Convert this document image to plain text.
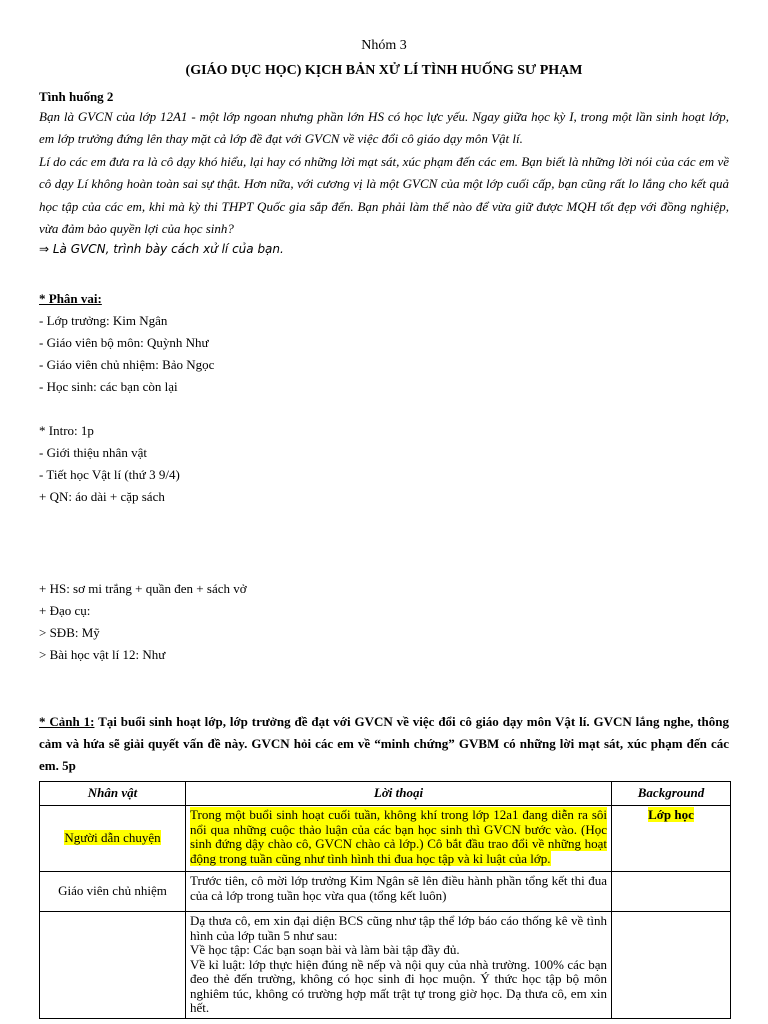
Nhóm 3
(GIÁO DỤC HỌC) KỊCH BẢN XỬ LÍ TÌNH HUỐNG SƯ PHẠM
Tình huống 2

Bạn là GVCN của lớp 12A1 - một lớp ngoan nhưng phần lớn HS có học lực yếu. Ngay giữa học kỳ I, trong một lần sinh hoạt lớp, em lớp trưởng đứng lên thay mặt cả lớp đề đạt với GVCN về việc đổi cô giáo dạy môn Vật lí.

Lí do các em đưa ra là cô dạy khó hiểu, lại hay có những lời mạt sát, xúc phạm đến các em. Bạn biết là những lời nói của các em về cô dạy Lí không hoàn toàn sai sự thật. Hơn nữa, với cương vị là một GVCN của một lớp cuối cấp, bạn cũng rất lo lắng cho kết quả học tập của các em, khi mà kỳ thi THPT Quốc gia sắp đến. Bạn phải làm thế nào để vừa giữ được MQH tốt đẹp với đồng nghiệp, vừa đảm bảo quyền lợi của học sinh?

⇒ Là GVCN, trình bày cách xử lí của bạn.
* Phân vai:
- Lớp trưởng: Kim Ngân
- Giáo viên bộ môn: Quỳnh Như
- Giáo viên chủ nhiệm: Bảo Ngọc
- Học sinh: các bạn còn lại
* Intro: 1p
- Giới thiệu nhân vật
- Tiết học Vật lí (thứ 3 9/4)
+ QN: áo dài + cặp sách
+ HS: sơ mi trắng + quần đen + sách vở
+ Đạo cụ:
> SĐB: Mỹ
> Bài học vật lí 12: Như

* Cảnh 1: Tại buổi sinh hoạt lớp, lớp trưởng đề đạt với GVCN về việc đổi cô giáo dạy môn Vật lí. GVCN lắng nghe, thông cảm và hứa sẽ giải quyết vấn đề này. GVCN hỏi các em về “minh chứng” GVBM có những lời mạt sát, xúc phạm đến các em. 5p

Nhân vật	Lời thoại	Background
Người dẫn chuyện	Trong một buổi sinh hoạt cuối tuần, không khí trong lớp 12a1 đang diễn ra sôi nổi qua những cuộc thảo luận của các bạn học sinh thì GVCN bước vào. (Học sinh đứng dậy chào cô, GVCN chào cả lớp.) Cô bắt đầu trao đổi về những hoạt động trong tuần cũng như tình hình thi đua học tập và kỉ luật của lớp.	Lớp học
Giáo viên chủ nhiệm	Trước tiên, cô mời lớp trưởng Kim Ngân sẽ lên điều hành phần tổng kết thi đua của cả lớp trong tuần học vừa qua (tổng kết luôn)	

	Dạ thưa cô, em xin đại diện BCS cũng như tập thể lớp báo cáo thống kê về tình hình của lớp tuần 5 như sau:
Về học tập: Các bạn soạn bài và làm bài tập đầy đủ.
Về kỉ luật: lớp thực hiện đúng nề nếp và nội quy của nhà trường. 100% các bạn đeo thẻ đến trường, không có học sinh đi học muộn. Ý thức học tập bộ môn nghiêm túc, không có trường hợp mất trật tự trong giờ học. Dạ thưa cô, em xin hết.	
